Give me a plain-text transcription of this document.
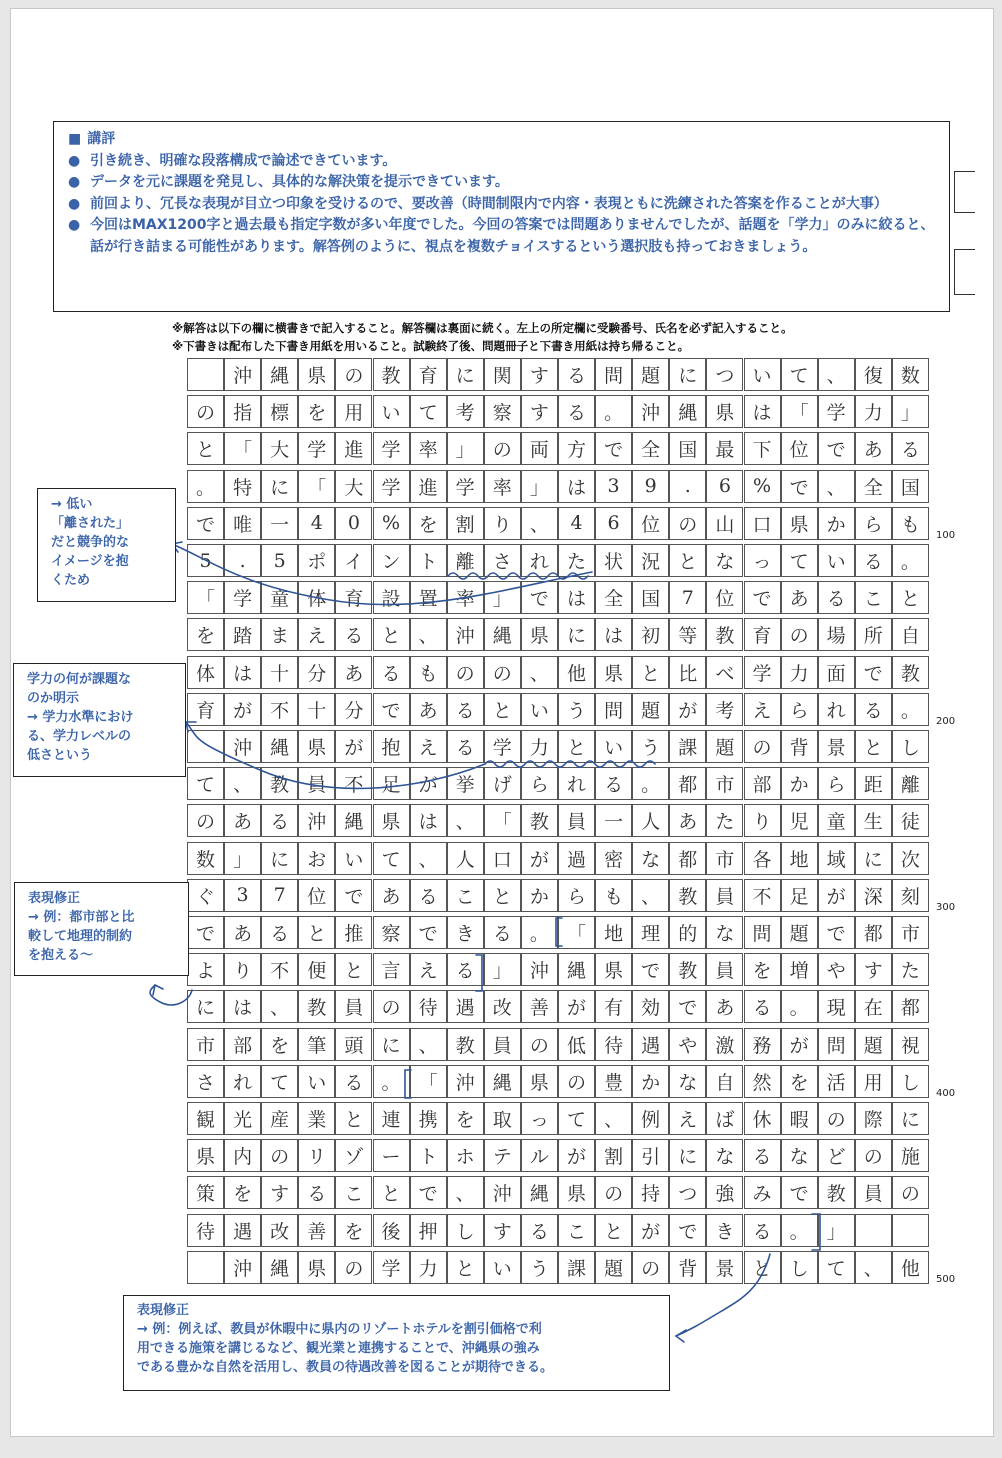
※解答は以下の欄に横書きで記入すること。解答欄は裏面に続く。左上の所定欄に受験番号、氏名を必ず記入すること。
※下書きは配布した下書き用紙を用いること。試験終了後、問題冊子と下書き用紙は持ち帰ること。
沖 縄 県 の 教 育 に 関 す る 問 題 に つ い て 、 復 数
の 指 標 を 用 い て 考 察 す る 。 沖 縄 県 は 「 学 力 」
と 「 大 学 進 学 率 」 の 両 方 で 全 国 最 下 位 で あ る
。 特 に 「 大 学 進 学 率 」 は	3	9	.	6	% で 、 全 国
で 唯 一	4	0	% を 割 り 、	4	6	位 の 山 口 県 か ら も
5	.	5	ポ イ ン ト 離 さ れ た 状 況 と な っ て い る 。
「 学 童 体 育 設 置 率 」 で は 全 国	7	位 で あ る こ と
を 踏 ま え る と 、 沖 縄 県 に は 初 等 教 育 の 場 所 自
体 は 十 分 あ る も の の 、 他 県 と 比 べ 学 力 面 で 教
育 が 不 十 分 で あ る と い う 問 題 が 考 え ら れ る 。
沖 縄 県 が 抱 え る 学 力 と い う 課 題 の 背 景 と し
て 、 教 員 不 足 が 挙 げ ら れ る 。 都 市 部 か ら 距 離
の あ る 沖 縄 県 は 、 「 教 員 一 人 あ た り 児 童 生 徒
数 」 に お い て 、 人 口 が 過 密 な 都 市 各 地 域 に 次
ぐ	3	7	位 で あ る こ と か ら も 、 教 員 不 足 が 深 刻
で あ る と 推 察 で き る 。 「 地 理 的 な 問 題 で 都 市
よ り 不 便 と 言 え る 」 沖 縄 県 で 教 員 を 増 や す た
に は 、 教 員 の 待 遇 改 善 が 有 効 で あ る 。 現 在 都
市 部 を 筆 頭 に 、 教 員 の 低 待 遇 や 激 務 が 問 題 視
さ れ て い る 。 「 沖 縄 県 の 豊 か な 自 然 を 活 用 し
観 光 産 業 と 連 携 を 取 っ て 、 例 え ば 休 暇 の 際 に
県 内 の リ ゾ ー ト ホ テ ル が 割 引 に な る な ど の 施
策 を す る こ と で 、 沖 縄 県 の 持 つ 強 み で 教 員 の
待 遇 改 善 を 後 押 し す る こ と が で き る 。 」
沖 縄 県 の 学 力 と い う 課 題 の 背 景 と し て 、 他
100
200
300
400
500
■ 講評
● 引き続き、明確な段落構成で論述できています。
● データを元に課題を発見し、具体的な解決策を提示できています。
● 前回より、冗長な表現が目立つ印象を受けるので、要改善（時間制限内で内容・表現ともに洗練された答案を作ることが大事）
● 今回はMAX1200字と過去最も指定字数が多い年度でした。今回の答案では問題ありませんでしたが、話題を「学力」のみに絞ると、話が行き詰まる可能性があります。解答例のように、視点を複数チョイスするという選択肢も持っておきましょう。
→ 低い
「離された」
だと競争的な
イメージを抱
くため
学力の何が課題な
のか明示
→ 学力水準におけ
る、学力レベルの
低さという
表現修正
→ 例：都市部と比
較して地理的制約
を抱える〜
表現修正
→ 例：例えば、教員が休暇中に県内のリゾートホテルを割引価格で利
用できる施策を講じるなど、観光業と連携することで、沖縄県の強み
である豊かな自然を活用し、教員の待遇改善を図ることが期待できる。
